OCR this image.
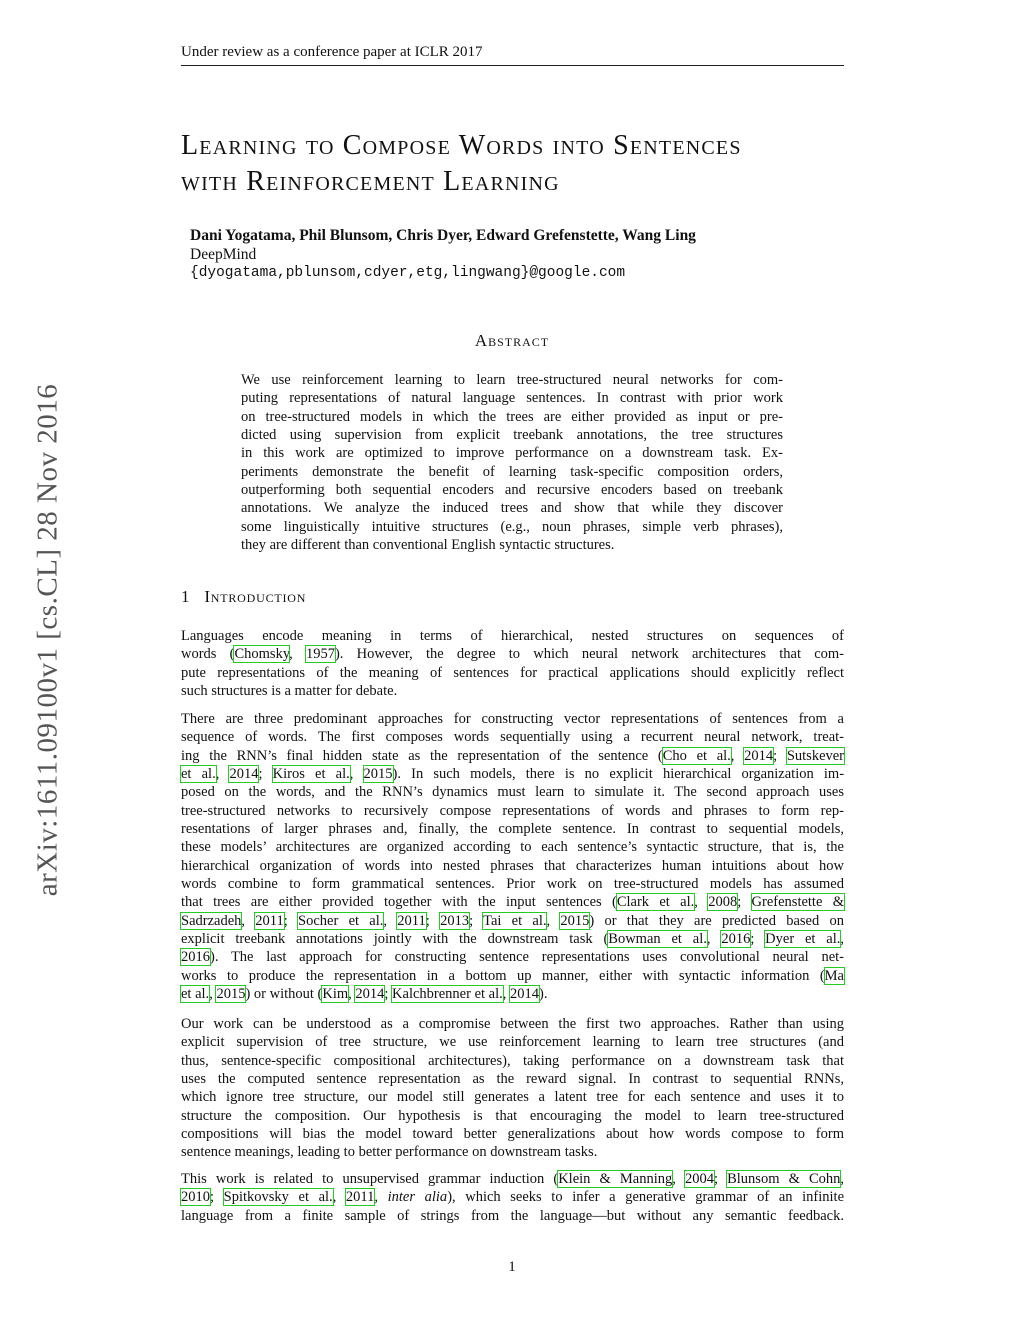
Under review as a conference paper at ICLR 2017
arXiv:1611.09100v1 [cs.CL] 28 Nov 2016
Learning to Compose Words into Sentences
with Reinforcement Learning
Dani Yogatama, Phil Blunsom, Chris Dyer, Edward Grefenstette, Wang Ling
DeepMind
{dyogatama,pblunsom,cdyer,etg,lingwang}@google.com
Abstract
We use reinforcement learning to learn tree-structured neural networks for com-
puting representations of natural language sentences. In contrast with prior work
on tree-structured models in which the trees are either provided as input or pre-
dicted using supervision from explicit treebank annotations, the tree structures
in this work are optimized to improve performance on a downstream task. Ex-
periments demonstrate the benefit of learning task-specific composition orders,
outperforming both sequential encoders and recursive encoders based on treebank
annotations. We analyze the induced trees and show that while they discover
some linguistically intuitive structures (e.g., noun phrases, simple verb phrases),
they are different than conventional English syntactic structures.
1 Introduction
Languages encode meaning in terms of hierarchical, nested structures on sequences of
words (Chomsky, 1957). However, the degree to which neural network architectures that com-
pute representations of the meaning of sentences for practical applications should explicitly reflect
such structures is a matter for debate.
There are three predominant approaches for constructing vector representations of sentences from a
sequence of words. The first composes words sequentially using a recurrent neural network, treat-
ing the RNN’s final hidden state as the representation of the sentence (Cho et al., 2014; Sutskever
et al., 2014; Kiros et al., 2015). In such models, there is no explicit hierarchical organization im-
posed on the words, and the RNN’s dynamics must learn to simulate it. The second approach uses
tree-structured networks to recursively compose representations of words and phrases to form rep-
resentations of larger phrases and, finally, the complete sentence. In contrast to sequential models,
these models’ architectures are organized according to each sentence’s syntactic structure, that is, the
hierarchical organization of words into nested phrases that characterizes human intuitions about how
words combine to form grammatical sentences. Prior work on tree-structured models has assumed
that trees are either provided together with the input sentences (Clark et al., 2008; Grefenstette &
Sadrzadeh, 2011; Socher et al., 2011; 2013; Tai et al., 2015) or that they are predicted based on
explicit treebank annotations jointly with the downstream task (Bowman et al., 2016; Dyer et al.,
2016). The last approach for constructing sentence representations uses convolutional neural net-
works to produce the representation in a bottom up manner, either with syntactic information (Ma
et al., 2015) or without (Kim, 2014; Kalchbrenner et al., 2014).
Our work can be understood as a compromise between the first two approaches. Rather than using
explicit supervision of tree structure, we use reinforcement learning to learn tree structures (and
thus, sentence-specific compositional architectures), taking performance on a downstream task that
uses the computed sentence representation as the reward signal. In contrast to sequential RNNs,
which ignore tree structure, our model still generates a latent tree for each sentence and uses it to
structure the composition. Our hypothesis is that encouraging the model to learn tree-structured
compositions will bias the model toward better generalizations about how words compose to form
sentence meanings, leading to better performance on downstream tasks.
This work is related to unsupervised grammar induction (Klein & Manning, 2004; Blunsom & Cohn,
2010; Spitkovsky et al., 2011, inter alia), which seeks to infer a generative grammar of an infinite
language from a finite sample of strings from the language—but without any semantic feedback.
1
